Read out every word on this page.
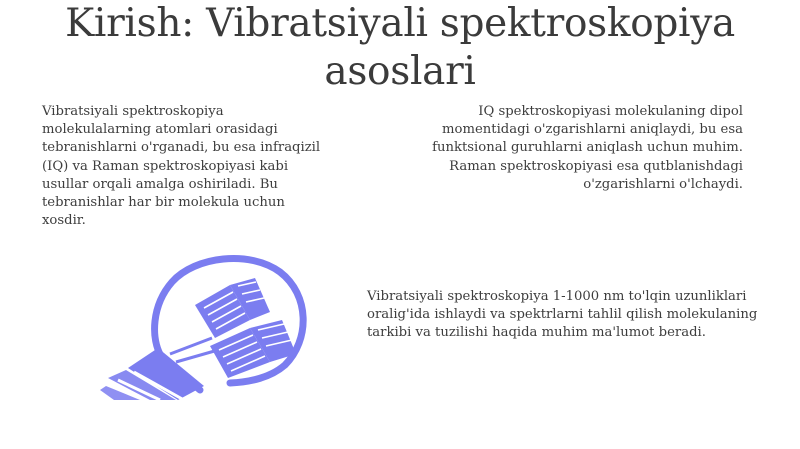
Kirish: Vibratsiyali spektroskopiya asoslari

Vibratsiyali spektroskopiya molekulalarning atomlari orasidagi tebranishlarni o'rganadi, bu esa infraqizil (IQ) va Raman spektroskopiyasi kabi usullar orqali amalga oshiriladi. Bu tebranishlar har bir molekula uchun xosdir.

IQ spektroskopiyasi molekulaning dipol momentidagi o'zgarishlarni aniqlaydi, bu esa funktsional guruhlarni aniqlash uchun muhim. Raman spektroskopiyasi esa qutblanishdagi o'zgarishlarni o'lchaydi.

Vibratsiyali spektroskopiya 1-1000 nm to'lqin uzunliklari oralig'ida ishlaydi va spektrlarni tahlil qilish molekulaning tarkibi va tuzilishi haqida muhim ma'lumot beradi.
